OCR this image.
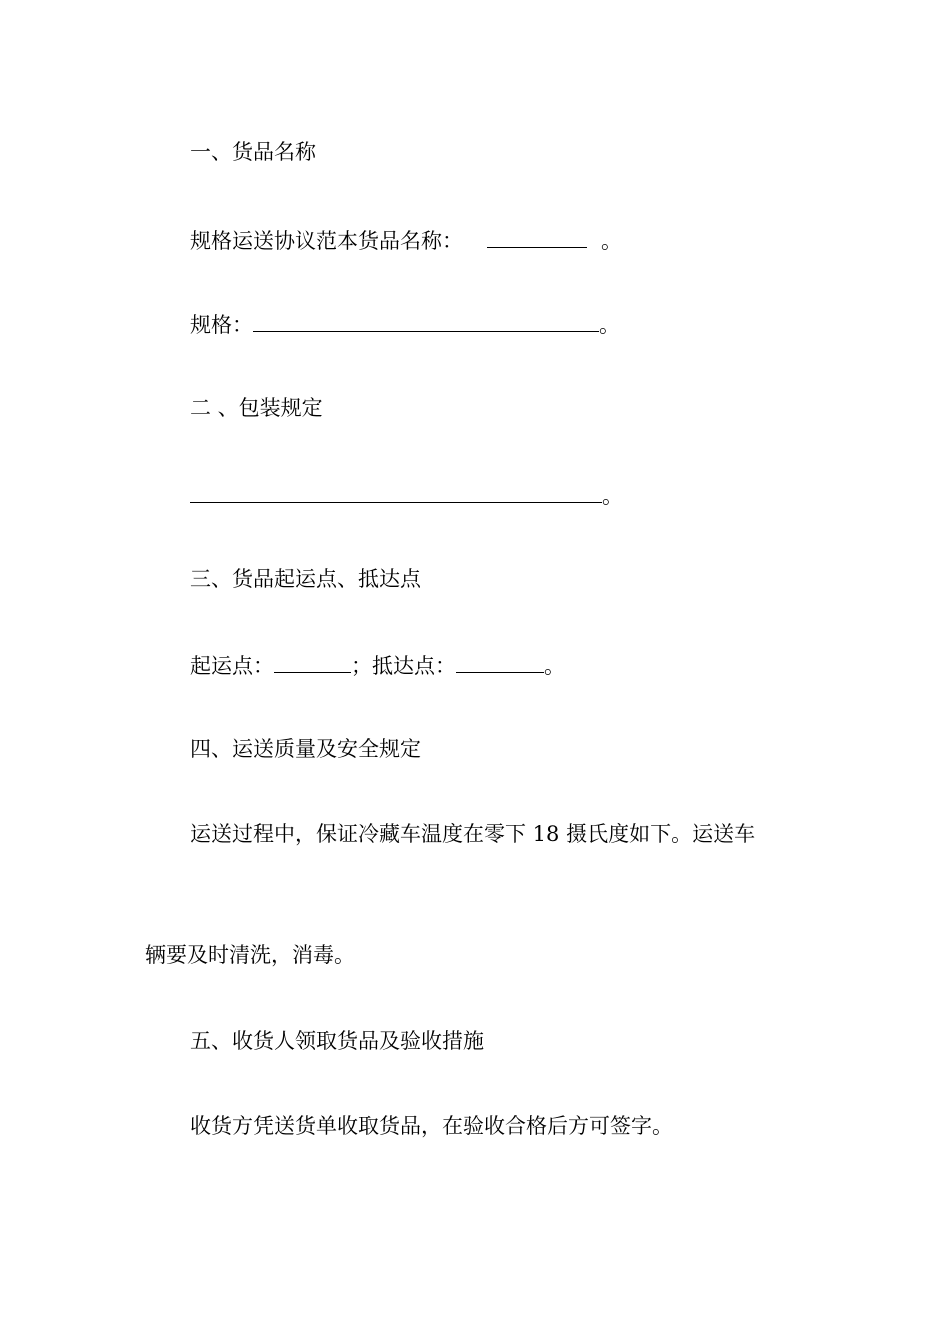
一、货品名称
规格运送协议范本货品名称：	。
规格：	。
二 、包装规定
。
三、货品起运点、抵达点
起运点：	；抵达点：	。
四、运送质量及安全规定
运送过程中，保证冷藏车温度在零下 18 摄氏度如下。运送车
辆要及时清洗，消毒。
五、收货人领取货品及验收措施
收货方凭送货单收取货品，在验收合格后方可签字。
